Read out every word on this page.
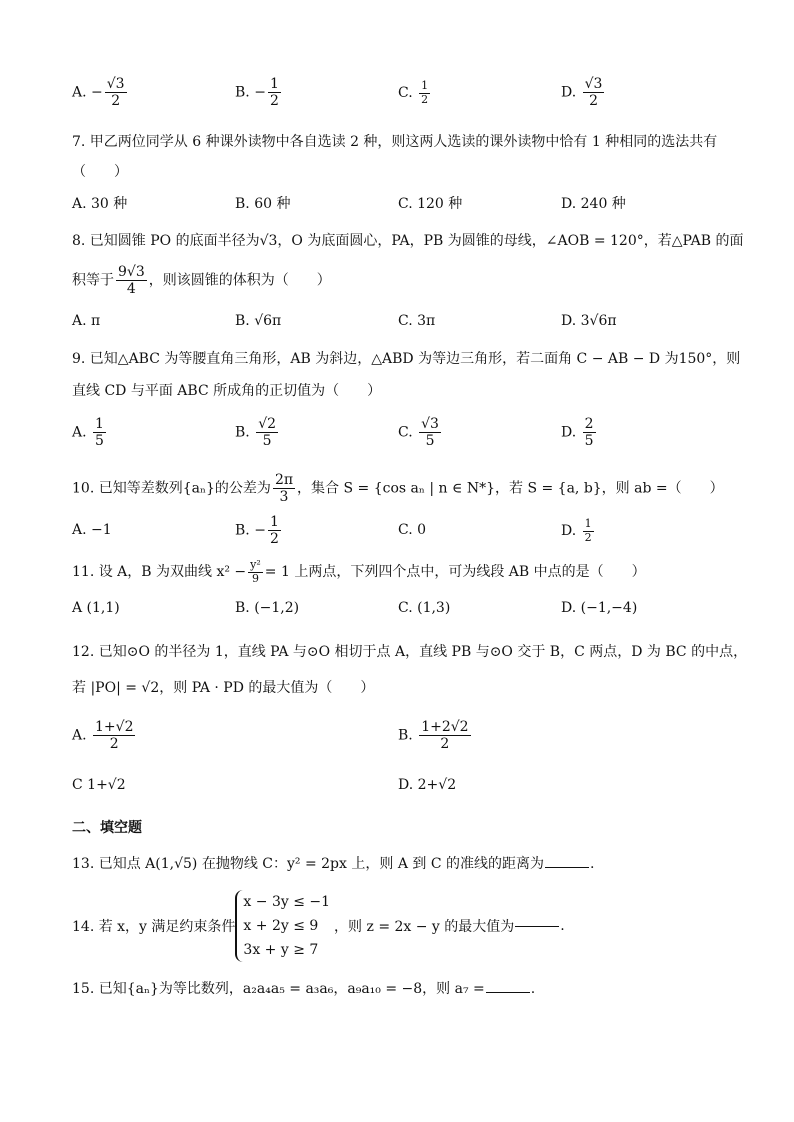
A. − $\frac{√3}{2}$	B. − $\frac{1}{2}$	C. $\frac{1}{2}$	D. $\frac{√3}{2}$
7. 甲乙两位同学从 6 种课外读物中各自选读 2 种，则这两人选读的课外读物中恰有 1 种相同的选法共有
（　　）
A. 30 种	B. 60 种	C. 120 种	D. 240 种
8. 已知圆锥 PO 的底面半径为√3，O 为底面圆心，PA，PB 为圆锥的母线，∠AOB = 120°，若△PAB 的面
积等于 $\frac{9√3}{4}$ ，则该圆锥的体积为（　　）
A. π	B. √6π	C. 3π	D. 3√6π
9. 已知△ABC 为等腰直角三角形，AB 为斜边，△ABD 为等边三角形，若二面角 C − AB − D 为150°，则
直线 CD 与平面 ABC 所成角的正切值为（　　）
A. $\frac{1}{5}$	B. $\frac{√2}{5}$	C. $\frac{√3}{5}$	D. $\frac{2}{5}$
10. 已知等差数列{aₙ}的公差为 $\frac{2\pi}{3}$ ，集合 S = {cos aₙ | n ∈ N*}，若 S = {a, b}，则 ab =（　　）
A. −1	B. − $\frac{1}{2}$	C. 0	D. $\frac{1}{2}$
11. 设 A，B 为双曲线 $x^2 - \frac{\text{y²}}{9} = 1$ 上两点，下列四个点中，可为线段 AB 中点的是（　　）
A (1,1)	B. (−1,2)	C. (1,3)	D. (−1,−4)
12. 已知⊙O 的半径为 1，直线 PA 与⊙O 相切于点 A，直线 PB 与⊙O 交于 B，C 两点，D 为 BC 的中点，
若 |PO| = √2，则 PA · PD 的最大值为（　　）
A. $\frac{1+√2}{2}$	B. $\frac{1+2√2}{2}$
C 1+√2	D. 2+√2
二、填空题
13. 已知点 A(1,√5) 在抛物线 C：y² = 2px 上，则 A 到 C 的准线的距离为	.
14. 若 x，y 满足约束条件
x − 3y ≤ −1
x + 2y ≤ 9
3x + y ≥ 7
，则 z = 2x − y 的最大值为	.
15. 已知{aₙ}为等比数列，a₂a₄a₅ = a₃a₆，a₉a₁₀ = −8，则 a₇ =	.
